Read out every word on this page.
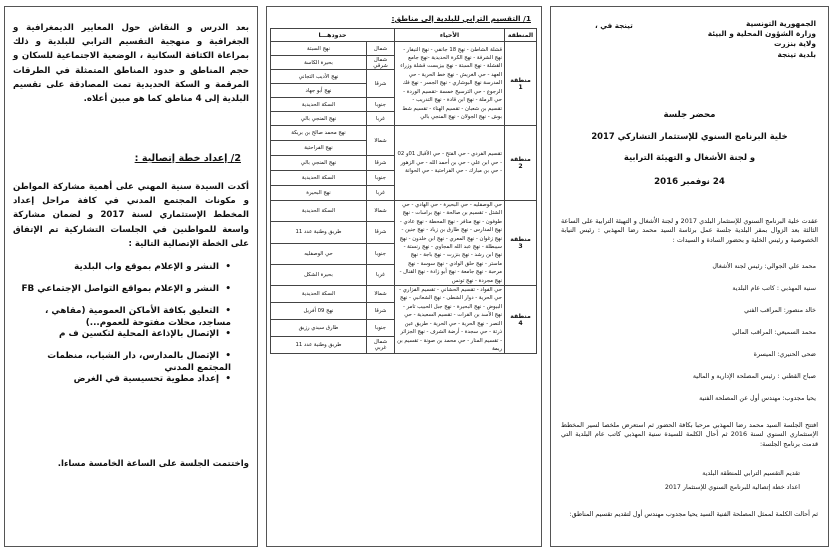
بعد الدرس و النقاش حول المعايير الديمغرافية و الجغرافية و منهجية التقسيم الترابي للبلدية و ذلك بمراعاة الكثافة السكانية ، الوضعية الاجتماعية للسكان و حجم المناطق و حدود المناطق المتمثلة في الطرقات المرقمة و السكة الحديدية تمت المصادقة على تقسيم البلدية إلى 4 مناطق كما هو مبين أعلاه.
2/ إعداد خطة إتصالية :
أكدت السيدة سنية المهني على أهمية مشاركة المواطن و مكونات المجتمع المدني في كافة مراحل إعداد المخطط الإستثماري لسنة 2017 و لضمان مشاركة واسعة للمواطنين في الجلسات التشاركية تم الإتفاق على الخطة الإتصالية التالية :
•النشر و الإعلام بموقع واب البلدية
•النشر و الإعلام بمواقع التواصل الإجتماعي FB
•التعليق بكافة الأماكن العمومية (مقاهي ، مساجد، محلات مفتوحة للعموم...)
•الإتصال بالإذاعة المحلية لتكسين ف م
•الإتصال بالمدارس، دار الشباب، منظمات المجتمع المدني
•إعداد مطوية تحسيسية في الغرض
واختتمت الجلسة على الساعة الخامسة مساءا.
1/ التقسيم الترابي للبلدية إلى مناطق:
المنطقة	الأحياء	حدودهـــا	
منطقة 1	قشلة الشاطئ - نهج 18 جانفي - نهج النيفار - نهج الشرفة - نهج الكرة الحديدية -نهج جامع القشلة - نهج السبتة - نهج بيزيست قشلة وزراء العهد - حي الغريش - نهج خط الحرية - حي المدرسة نهج البوشاري - نهج الجسر - نهج فك الرجوع - حي الترسيخ خمسة -تقسيم الوردة - حي الرملة - نهج ابن قادة - نهج التدريب - تقسيم بن شعبان - تقسيم الهناء - تقسيم شط بوش - نهج الجولان - نهج المنجي بالي	شمال	نهج السبتة
		شمال شرقي	بحيرة الكاسة
		شرقا	نهج الأديب التجاني
			نهج أبو جهاد
		جنوبا	السكة الحديدية
		غربا	نهج المنجي بالي
منطقة 2	تقسيم الفردي - حي الفتح - حي الأقبال 01و 02 - حي ابن علي - حي بن أحمد الله - حي الزهور - حي بن مبارك - حي الفراحتية - حي الحوانة	شمالا	نهج محمد صالح بن بريكة
			نهج الفراحتية
		شرقا	نهج المنجي بالي
		جنوبا	السكة الحديدية
		غربا	نهج البحيرة
منطقة 3	حي الوصفليه - حي البحيرة - حي الهادي - حي الشتل - تقسيم بن صالحة - نهج براسات - نهج طوفون - نهج منافر - نهج المحطة - نهج عادي - نهج المدارس - نهج طارق بن زياد - نهج جنين - نهج زغوان - نهج المعري - نهج ابن خلدون - نهج سيبطلة - نهج عبد الله المجاوي - نهج رنستة - نهج ابن رشد - نهج بنزرت - نهج باجة - نهج ماستر - نهج حلق الوادي - نهج سوسة - نهج مرحبة - نهج جامعة - نهج أبو زادة - نهج القنال - نهج مجردة - نهج تونس	شمالا	السكة الحديدية
		شرقا	طريق وطنية عدد 11
		جنوبا	حي الوصفليه
		غربا	بحيرة الشكل
منطقة 4	حي الفواد - تقسيم الحشاني - تقسيم الفزاري - حي الحرية - دوار الشطى - نهج الشعانبي - نهج البيوض - نهج البحيرة - نهج جبل الحبيب تامر - نهج الأسد بن الفرات - تقسيم السعيدية - حي النصر - نهج الحرية - حي الحرية - طريق عين ذرتة - حي سجدة - أرضة الشرف - نهج الجزائر - تقسيم المنار - حي محمد بن صونة - تقسيم بن ريمة	شمالا	السكة الحديدية
		شرقا	نهج 09 أفريل
		جنوبا	طارق سيدي رزيق
		شمال غربي	طريق وطنية عدد 11
الجمهورية التونسية
وزارة الشؤون المحلية و البيئة
ولاية بنزرت
بلدية تينجة
تينجة في ،
محضر جلسة
خلية البرنامج السنوي للإستثمار التشاركي 2017
و لجنة الأشغال و التهيئة الترابية
24 نوفمبر 2016
عقدت خلية البرنامج السنوي للإستثمار البلدي 2017 و لجنة الأشغال و التهيئة الترابية على الساعة الثالثة بعد الزوال بمقر البلدية جلسة عمل برئاسة السيد محمد رضا المهذبي : رئيس النيابة الخصوصية و رئيس الخلية و بحضور السادة و السيدات :
محمد علي الجوالي: رئيس لجنة الأشغال
سنية المهذبي : كاتب عام البلدية
خالد منصور: المراقب الفني
محمد السميعي: المراقب المالي
ضحى الحنيري: الميسرة
صباح القطني : رئيس المصلحة الإدارية و المالية
يحيا مجدوب: مهندس أول عن المصلحة الفنية
افتتح الجلسة السيد محمد رضا المهذبي مرحبا بكافة الحضور ثم استعرض ملخصا لسير المخطط الإستثماري السنوي لسنة 2016 ثم أحال الكلمة للسيدة سنية المهذبي كاتب عام البلدية التي قدمت برنامج الجلسة:
تقديم التقسيم الترابي للمنطقة البلدية
اعداد خطة إتصالية للبرنامج السنوي للإستثمار 2017
ثم أحالت الكلمة لممثل المصلحة الفنية السيد يحيا مجدوب مهندس أول لتقديم تقسيم المناطق:
